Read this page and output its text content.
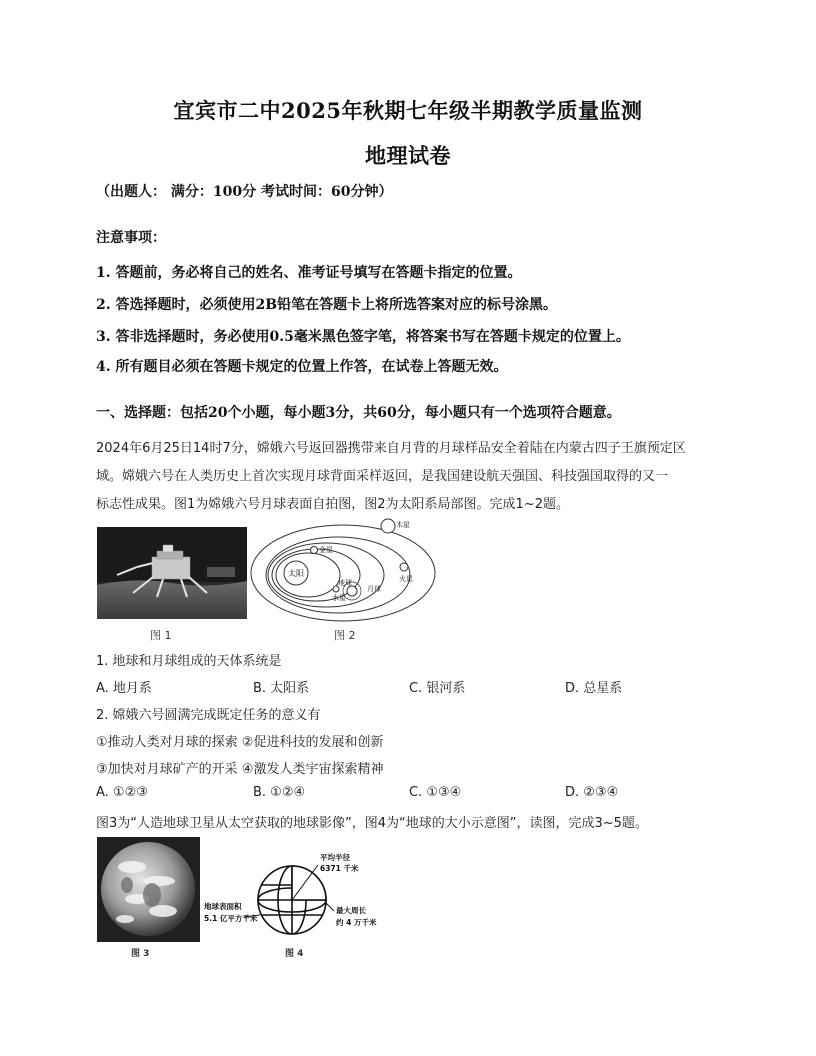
宜宾市二中2025年秋期七年级半期教学质量监测
地理试卷
（出题人： 满分：100分 考试时间：60分钟）
注意事项：
1. 答题前，务必将自己的姓名、准考证号填写在答题卡指定的位置。
2. 答选择题时，必须使用2B铅笔在答题卡上将所选答案对应的标号涂黑。
3. 答非选择题时，务必使用0.5毫米黑色签字笔，将答案书写在答题卡规定的位置上。
4. 所有题目必须在答题卡规定的位置上作答，在试卷上答题无效。
一、选择题：包括20个小题，每小题3分，共60分，每小题只有一个选项符合题意。
2024年6月25日14时7分，嫦娥六号返回器携带来自月背的月球样品安全着陆在内蒙古四子王旗预定区
域。嫦娥六号在人类历史上首次实现月球背面采样返回，是我国建设航天强国、科技强国取得的又一
标志性成果。图1为嫦娥六号月球表面自拍图，图2为太阳系局部图。完成1~2题。
图 1
太阳
金星
水星
地球
月球
火星
木星
图 2
1. 地球和月球组成的天体系统是
A. 地月系	B. 太阳系	C. 银河系	D. 总星系
2. 嫦娥六号圆满完成既定任务的意义有
①推动人类对月球的探索 ②促进科技的发展和创新
③加快对月球矿产的开采 ④激发人类宇宙探索精神
A. ①②③	B. ①②④	C. ①③④	D. ②③④
图3为“人造地球卫星从太空获取的地球影像”，图4为“地球的大小示意图”，读图，完成3~5题。
图 3
平均半径
6371 千米
地球表面积
5.1 亿平方千米
最大周长
约 4 万千米
图 4
